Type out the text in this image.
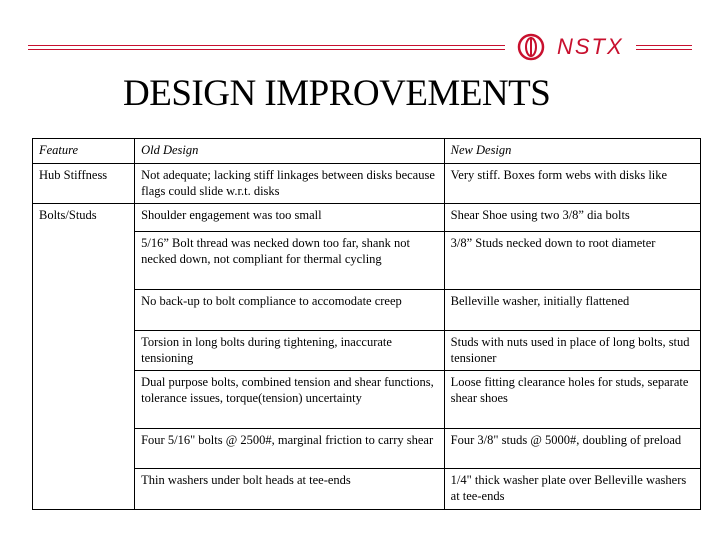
NSTX
DESIGN IMPROVEMENTS
Feature	Old Design	New Design
Hub Stiffness	Not adequate; lacking stiff linkages between disks because flags could slide w.r.t. disks	Very stiff. Boxes form webs with disks like
Bolts/Studs	Shoulder engagement was too small	Shear Shoe using two 3/8” dia bolts
	5/16” Bolt thread was necked down too far, shank not necked down, not compliant for thermal cycling	3/8” Studs necked down to root diameter
	No back-up to bolt compliance to accomodate creep	Belleville washer, initially flattened
	Torsion in long bolts during tightening, inaccurate tensioning	Studs with nuts used in place of long bolts, stud tensioner
	Dual purpose bolts, combined tension and shear functions, tolerance issues, torque(tension) uncertainty	Loose fitting clearance holes for studs, separate shear shoes
	Four 5/16" bolts @ 2500#, marginal friction to carry shear	Four 3/8" studs @ 5000#, doubling of preload
	Thin washers under bolt heads at tee-ends	1/4" thick washer plate over Belleville washers at tee-ends
